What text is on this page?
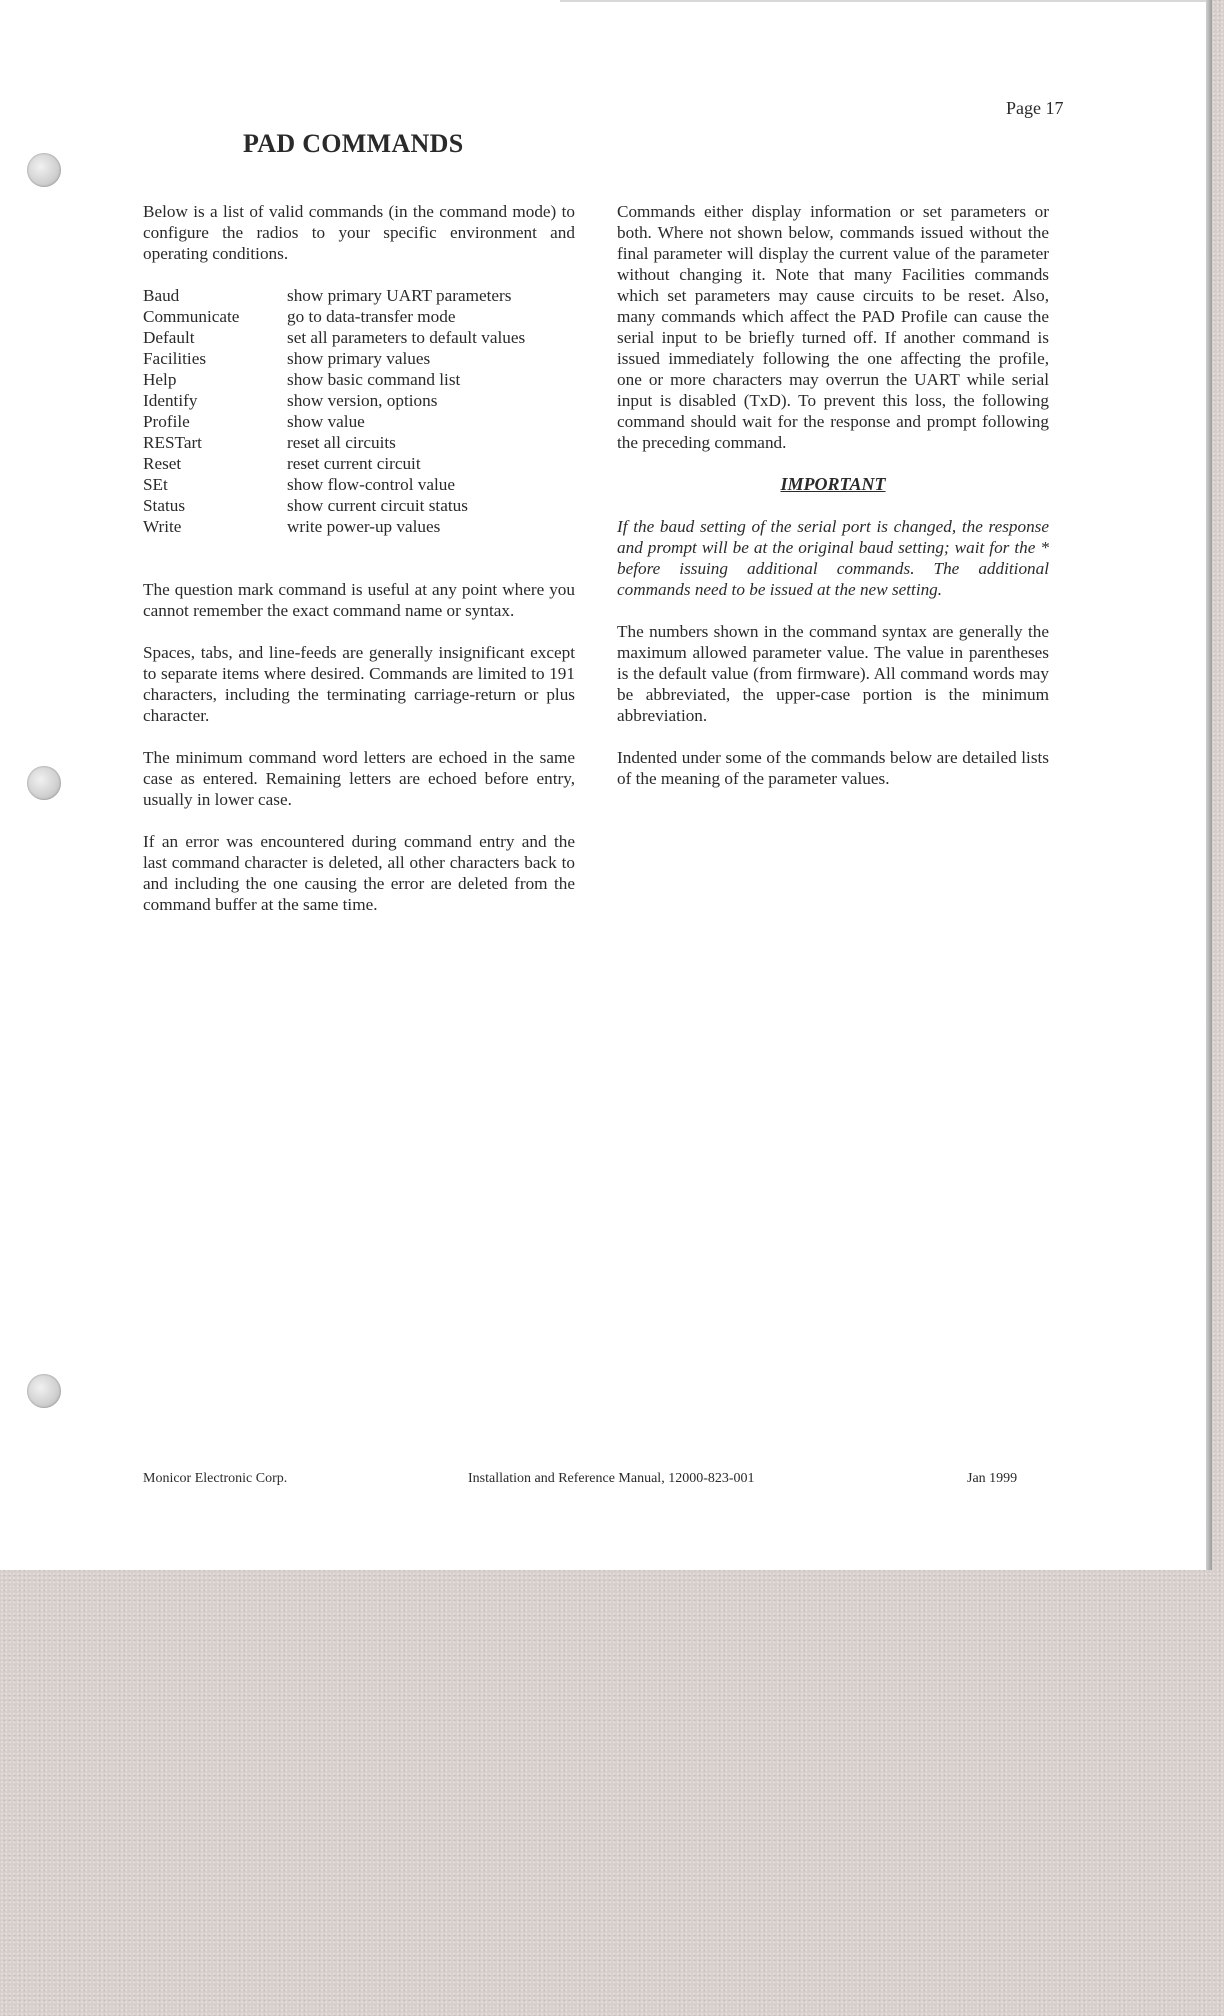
Page 17
PAD COMMANDS

Below is a list of valid commands (in the command mode) to configure the radios to your specific environment and operating conditions.

Baud	show primary UART parameters
Communicate	go to data-transfer mode
Default	set all parameters to default values
Facilities	show primary values
Help	show basic command list
Identify	show version, options
Profile	show value
RESTart	reset all circuits
Reset	reset current circuit
SEt	show flow-control value
Status	show current circuit status
Write	write power-up values

The question mark command is useful at any point where you cannot remember the exact command name or syntax.

Spaces, tabs, and line-feeds are generally insignificant except to separate items where desired. Commands are limited to 191 characters, including the terminating carriage-return or plus character.

The minimum command word letters are echoed in the same case as entered. Remaining letters are echoed before entry, usually in lower case.

If an error was encountered during command entry and the last command character is deleted, all other characters back to and including the one causing the error are deleted from the command buffer at the same time.

Commands either display information or set parameters or both. Where not shown below, commands issued without the final parameter will display the current value of the parameter without changing it. Note that many Facilities commands which set parameters may cause circuits to be reset. Also, many commands which affect the PAD Profile can cause the serial input to be briefly turned off. If another command is issued immediately following the one affecting the profile, one or more characters may overrun the UART while serial input is disabled (TxD). To prevent this loss, the following command should wait for the response and prompt following the preceding command.

IMPORTANT

If the baud setting of the serial port is changed, the response and prompt will be at the original baud setting; wait for the * before issuing additional commands. The additional commands need to be issued at the new setting.

The numbers shown in the command syntax are generally the maximum allowed parameter value. The value in parentheses is the default value (from firmware). All command words may be abbreviated, the upper-case portion is the minimum abbreviation.

Indented under some of the commands below are detailed lists of the meaning of the parameter values.

Monicor Electronic Corp.	Installation and Reference Manual, 12000-823-001	Jan 1999
